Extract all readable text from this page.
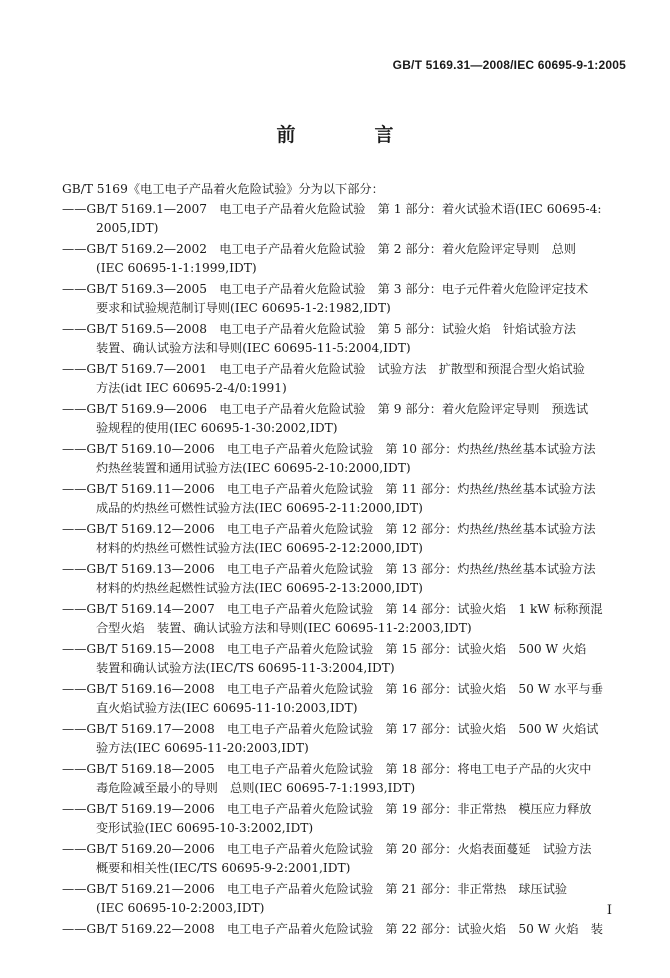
GB/T 5169.31—2008/IEC 60695-9-1:2005
前　言

GB/T 5169《电工电子产品着火危险试验》分为以下部分：

——GB/T 5169.1—2007　电工电子产品着火危险试验　第 1 部分：着火试验术语(IEC 60695-4:
2005,IDT)

——GB/T 5169.2—2002　电工电子产品着火危险试验　第 2 部分：着火危险评定导则　总则
(IEC 60695-1-1:1999,IDT)

——GB/T 5169.3—2005　电工电子产品着火危险试验　第 3 部分：电子元件着火危险评定技术
要求和试验规范制订导则(IEC 60695-1-2:1982,IDT)

——GB/T 5169.5—2008　电工电子产品着火危险试验　第 5 部分：试验火焰　针焰试验方法
装置、确认试验方法和导则(IEC 60695-11-5:2004,IDT)

——GB/T 5169.7—2001　电工电子产品着火危险试验　试验方法　扩散型和预混合型火焰试验
方法(idt IEC 60695-2-4/0:1991)

——GB/T 5169.9—2006　电工电子产品着火危险试验　第 9 部分：着火危险评定导则　预选试
验规程的使用(IEC 60695-1-30:2002,IDT)

——GB/T 5169.10—2006　电工电子产品着火危险试验　第 10 部分：灼热丝/热丝基本试验方法
灼热丝装置和通用试验方法(IEC 60695-2-10:2000,IDT)

——GB/T 5169.11—2006　电工电子产品着火危险试验　第 11 部分：灼热丝/热丝基本试验方法
成品的灼热丝可燃性试验方法(IEC 60695-2-11:2000,IDT)

——GB/T 5169.12—2006　电工电子产品着火危险试验　第 12 部分：灼热丝/热丝基本试验方法
材料的灼热丝可燃性试验方法(IEC 60695-2-12:2000,IDT)

——GB/T 5169.13—2006　电工电子产品着火危险试验　第 13 部分：灼热丝/热丝基本试验方法
材料的灼热丝起燃性试验方法(IEC 60695-2-13:2000,IDT)

——GB/T 5169.14—2007　电工电子产品着火危险试验　第 14 部分：试验火焰　1 kW 标称预混
合型火焰　装置、确认试验方法和导则(IEC 60695-11-2:2003,IDT)

——GB/T 5169.15—2008　电工电子产品着火危险试验　第 15 部分：试验火焰　500 W 火焰
装置和确认试验方法(IEC/TS 60695-11-3:2004,IDT)

——GB/T 5169.16—2008　电工电子产品着火危险试验　第 16 部分：试验火焰　50 W 水平与垂
直火焰试验方法(IEC 60695-11-10:2003,IDT)

——GB/T 5169.17—2008　电工电子产品着火危险试验　第 17 部分：试验火焰　500 W 火焰试
验方法(IEC 60695-11-20:2003,IDT)

——GB/T 5169.18—2005　电工电子产品着火危险试验　第 18 部分：将电工电子产品的火灾中
毒危险减至最小的导则　总则(IEC 60695-7-1:1993,IDT)

——GB/T 5169.19—2006　电工电子产品着火危险试验　第 19 部分：非正常热　模压应力释放
变形试验(IEC 60695-10-3:2002,IDT)

——GB/T 5169.20—2006　电工电子产品着火危险试验　第 20 部分：火焰表面蔓延　试验方法
概要和相关性(IEC/TS 60695-9-2:2001,IDT)

——GB/T 5169.21—2006　电工电子产品着火危险试验　第 21 部分：非正常热　球压试验
(IEC 60695-10-2:2003,IDT)

——GB/T 5169.22—2008　电工电子产品着火危险试验　第 22 部分：试验火焰　50 W 火焰　装

I
